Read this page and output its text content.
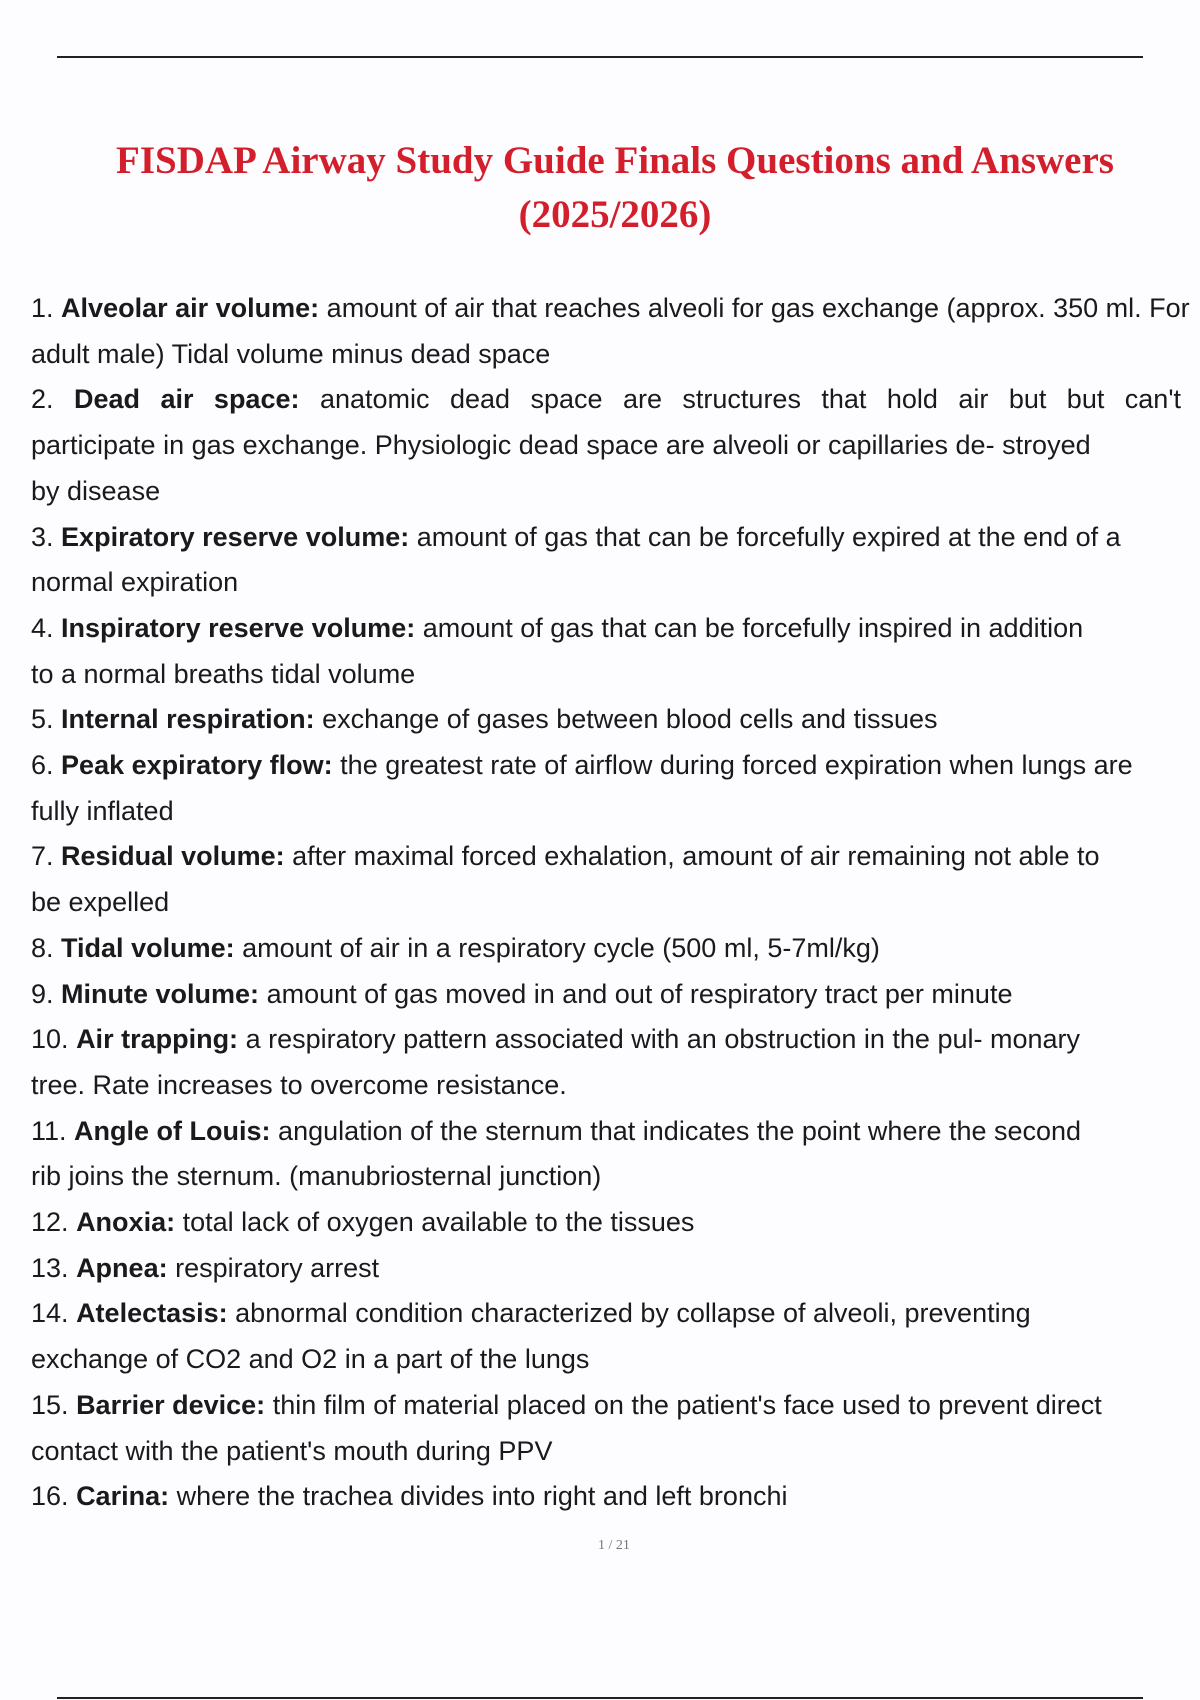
FISDAP Airway Study Guide Finals Questions and Answers
(2025/2026)
1. Alveolar air volume: amount of air that reaches alveoli for gas exchange (approx. 350 ml. For
adult male) Tidal volume minus dead space
2. Dead air space: anatomic dead space are structures that hold air but but can't
participate in gas exchange. Physiologic dead space are alveoli or capillaries de- stroyed
by disease
3. Expiratory reserve volume: amount of gas that can be forcefully expired at the end of a
normal expiration
4. Inspiratory reserve volume: amount of gas that can be forcefully inspired in addition
to a normal breaths tidal volume
5. Internal respiration: exchange of gases between blood cells and tissues
6. Peak expiratory flow: the greatest rate of airflow during forced expiration when lungs are
fully inflated
7. Residual volume: after maximal forced exhalation, amount of air remaining not able to
be expelled
8. Tidal volume: amount of air in a respiratory cycle (500 ml, 5-7ml/kg)
9. Minute volume: amount of gas moved in and out of respiratory tract per minute
10. Air trapping: a respiratory pattern associated with an obstruction in the pul- monary
tree. Rate increases to overcome resistance.
11. Angle of Louis: angulation of the sternum that indicates the point where the second
rib joins the sternum. (manubriosternal junction)
12. Anoxia: total lack of oxygen available to the tissues
13. Apnea: respiratory arrest
14. Atelectasis: abnormal condition characterized by collapse of alveoli, preventing
exchange of CO2 and O2 in a part of the lungs
15. Barrier device: thin film of material placed on the patient's face used to prevent direct
contact with the patient's mouth during PPV
16. Carina: where the trachea divides into right and left bronchi
1 / 21
